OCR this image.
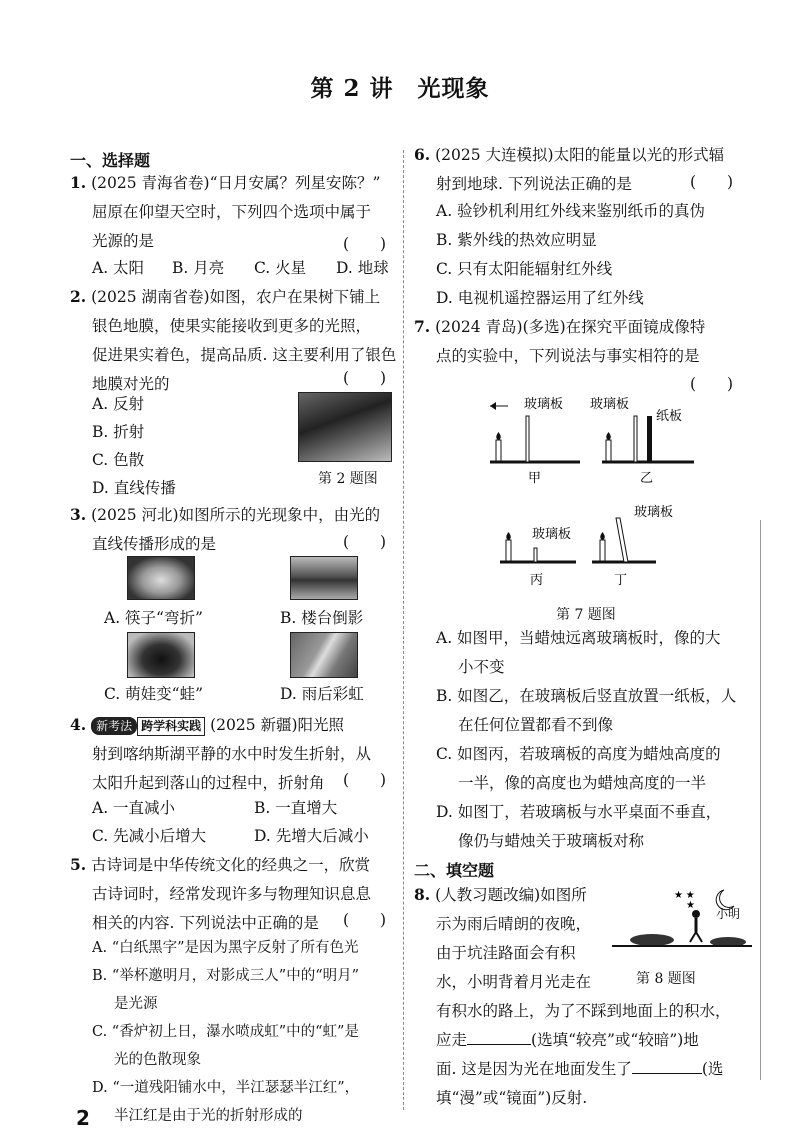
第 2 讲　光现象
一、选择题
1. (2025 青海省卷)“日月安属？列星安陈？”
屈原在仰望天空时，下列四个选项中属于
光源的是	(　　)
A. 太阳 B. 月亮 C. 火星 D. 地球
2. (2025 湖南省卷)如图，农户在果树下铺上
银色地膜，使果实能接收到更多的光照，
促进果实着色，提高品质. 这主要利用了银色
地膜对光的	(　　)
A. 反射
B. 折射
C. 色散
D. 直线传播	第 2 题图
3. (2025 河北)如图所示的光现象中，由光的
直线传播形成的是	(　　)
A. 筷子“弯折”	B. 楼台倒影
C. 萌娃变“蛙”	D. 雨后彩虹
4. 新考法 跨学科实践 (2025 新疆)阳光照
射到喀纳斯湖平静的水中时发生折射，从
太阳升起到落山的过程中，折射角	(　　)
A. 一直减小	B. 一直增大
C. 先减小后增大	D. 先增大后减小
5. 古诗词是中华传统文化的经典之一，欣赏
古诗词时，经常发现许多与物理知识息息
相关的内容. 下列说法中正确的是	(　　)
A. “白纸黑字”是因为黑字反射了所有色光
B. “举杯邀明月，对影成三人”中的“明月”
是光源
C. “香炉初上日，瀑水喷成虹”中的“虹”是
光的色散现象
D. “一道残阳铺水中，半江瑟瑟半江红”，
半江红是由于光的折射形成的
2
6. (2025 大连模拟)太阳的能量以光的形式辐
射到地球. 下列说法正确的是	(　　)
A. 验钞机利用红外线来鉴别纸币的真伪
B. 紫外线的热效应明显
C. 只有太阳能辐射红外线
D. 电视机遥控器运用了红外线
7. (2024 青岛)(多选)在探究平面镜成像特
点的实验中，下列说法与事实相符的是
(　　)
玻璃板
甲
玻璃板
纸板
乙
玻璃板
丙
玻璃板
丁
第 7 题图
A. 如图甲，当蜡烛远离玻璃板时，像的大
小不变
B. 如图乙，在玻璃板后竖直放置一纸板，人
在任何位置都看不到像
C. 如图丙，若玻璃板的高度为蜡烛高度的
一半，像的高度也为蜡烛高度的一半
D. 如图丁，若玻璃板与水平桌面不垂直，
像仍与蜡烛关于玻璃板对称
二、填空题
8. (人教习题改编)如图所
示为雨后晴朗的夜晚，
由于坑洼路面会有积
水，小明背着月光走在
有积水的路上，为了不踩到地面上的积水，
应走	(选填“较亮”或“较暗”)地
面. 这是因为光在地面发生了	(选
填“漫”或“镜面”)反射.
★ ★
★
小明
第 8 题图
